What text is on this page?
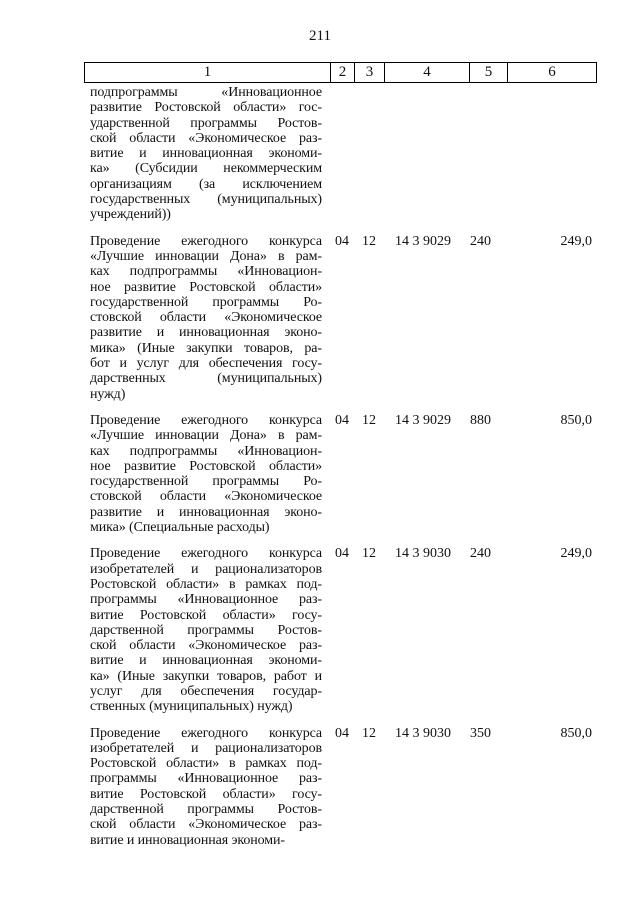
211
1	2	3	4	5	6
подпрограммы «Инновационное
развитие Ростовской области» гос-
ударственной программы Ростов-
ской области «Экономическое раз-
витие и инновационная экономи-
ка» (Субсидии некоммерческим
организациям (за исключением
государственных (муниципальных)
учреждений))
Проведение ежегодного конкурса
«Лучшие инновации Дона» в рам-
ках подпрограммы «Инновацион-
ное развитие Ростовской области»
государственной программы Ро-
стовской области «Экономическое
развитие и инновационная эконо-
мика» (Иные закупки товаров, ра-
бот и услуг для обеспечения госу-
дарственных (муниципальных)
нужд)
04 12	14 3 9029	240	249,0
Проведение ежегодного конкурса
«Лучшие инновации Дона» в рам-
ках подпрограммы «Инновацион-
ное развитие Ростовской области»
государственной программы Ро-
стовской области «Экономическое
развитие и инновационная эконо-
мика» (Специальные расходы)
04 12	14 3 9029	880	850,0
Проведение ежегодного конкурса
изобретателей и рационализаторов
Ростовской области» в рамках под-
программы «Инновационное раз-
витие Ростовской области» госу-
дарственной программы Ростов-
ской области «Экономическое раз-
витие и инновационная экономи-
ка» (Иные закупки товаров, работ и
услуг для обеспечения государ-
ственных (муниципальных) нужд)
04 12	14 3 9030	240	249,0
Проведение ежегодного конкурса
изобретателей и рационализаторов
Ростовской области» в рамках под-
программы «Инновационное раз-
витие Ростовской области» госу-
дарственной программы Ростов-
ской области «Экономическое раз-
витие и инновационная экономи-
04 12	14 3 9030	350	850,0
